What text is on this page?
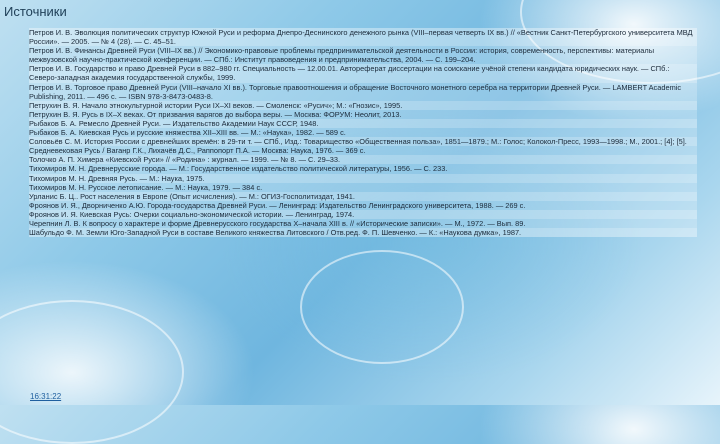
Источники
Петров И. В. Эволюция политических структур Южной Руси и реформа Днепро-Деснинского денежного рынка (VIII–первая четверть IX вв.) // «Вестник Санкт-Петербургского университета МВД России». — 2005. — № 4 (28). — С. 45–51.
Петров И. В. Финансы Древней Руси (VIII–IX вв.) // Экономико-правовые проблемы предпринимательской деятельности в России: история, современность, перспективы: материалы межвузовской научно-практической конференции. — СПб.: Институт правоведения и предпринимательства, 2004. — С. 199–204.
Петров И. В. Государство и право Древней Руси в 882–980 гг. Специальность — 12.00.01. Автореферат диссертации на соискание учёной степени кандидата юридических наук. — СПб.: Северо-западная академия государственной службы, 1999.
Петров И. В. Торговое право Древней Руси (VIII–начало XI вв.). Торговые правоотношения и обращение Восточного монетного серебра на территории Древней Руси. — LAMBERT Academic Publishing, 2011. — 496 с. — ISBN 978-3-8473-0483-8.
Петрухин В. Я. Начало этнокультурной истории Руси IX–XI веков. — Смоленск: «Русич»; М.: «Гнозис», 1995.
Петрухин В. Я. Русь в IX–X веках. От призвания варягов до выбора веры. — Москва: ФОРУМ: Неолит, 2013.
Рыбаков Б. А. Ремесло Древней Руси. — Издательство Академии Наук СССР, 1948.
Рыбаков Б. А. Киевская Русь и русские княжества XII–XIII вв. — М.: «Наука», 1982. — 589 с.
Соловьёв С. М. История России с древнейших времён: в 29-ти т. — СПб., Изд.: Товарищество «Общественная польза», 1851—1879.; М.: Голос; Колокол-Пресс, 1993—1998.; М., 2001.; [4]; [5].
Средневековая Русь / Ваганр Г.К., Лихачёв Д.С., Раппопорт П.А. — Москва: Наука, 1976. — 369 с.
Толочко А. П. Химера «Киевской Руси» // «Родина» : журнал. — 1999. — № 8. — С. 29–33.
Тихомиров М. Н. Древнерусские города. — М.: Государственное издательство политической литературы, 1956. — С. 233.
Тихомиров М. Н. Древняя Русь. — М.: Наука, 1975.
Тихомиров М. Н. Русское летописание. — М.: Наука, 1979. — 384 с.
Урланис Б. Ц.. Рост населения в Европе (Опыт исчисления). — М.: ОГИЗ-Госполитиздат, 1941.
Фроянов И. Я., Дворниченко А.Ю. Города-государства Древней Руси. — Ленинград: Издательство Ленинградского университета, 1988. — 269 с.
Фроянов И. Я. Киевская Русь: Очерки социально-экономической истории. — Ленинград, 1974.
Черепнин Л. В. К вопросу о характере и форме Древнерусского государства X–начала XIII в. // «Исторические записки». — М., 1972. — Вып. 89.
Шабульдо Ф. М. Земли Юго-Западной Руси в составе Великого княжества Литовского / Отв.ред. Ф. П. Шевченко. — К.: «Наукова думка», 1987.
16:31:22
